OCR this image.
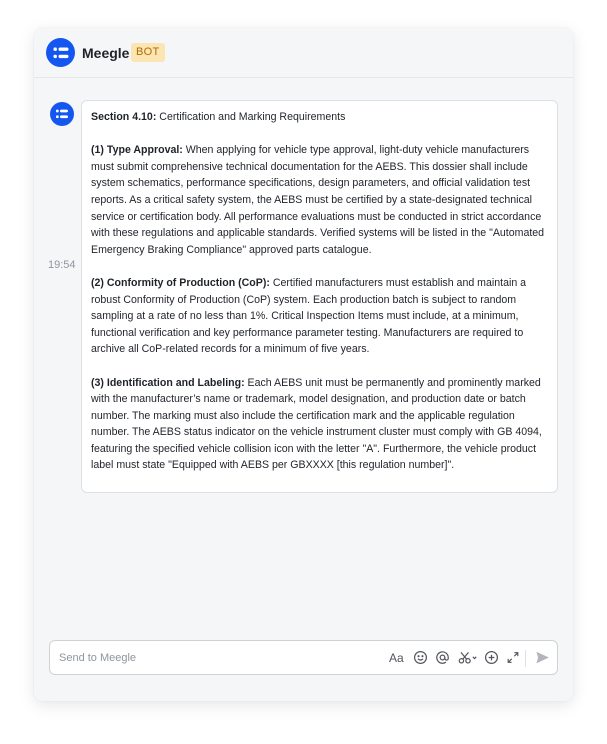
Meegle BOT
19:54

Section 4.10: Certification and Marking Requirements

(1) Type Approval: When applying for vehicle type approval, light-duty vehicle manufacturers must submit comprehensive technical documentation for the AEBS. This dossier shall include system schematics, performance specifications, design parameters, and official validation test reports. As a critical safety system, the AEBS must be certified by a state-designated technical service or certification body. All performance evaluations must be conducted in strict accordance with these regulations and applicable standards. Verified systems will be listed in the "Automated Emergency Braking Compliance" approved parts catalogue.

(2) Conformity of Production (CoP): Certified manufacturers must establish and maintain a robust Conformity of Production (CoP) system. Each production batch is subject to random sampling at a rate of no less than 1%. Critical Inspection Items must include, at a minimum, functional verification and key performance parameter testing. Manufacturers are required to archive all CoP-related records for a minimum of five years.

(3) Identification and Labeling: Each AEBS unit must be permanently and prominently marked with the manufacturer’s name or trademark, model designation, and production date or batch number. The marking must also include the certification mark and the applicable regulation number. The AEBS status indicator on the vehicle instrument cluster must comply with GB 4094, featuring the specified vehicle collision icon with the letter "A". Furthermore, the vehicle product label must state "Equipped with AEBS per GBXXXX [this regulation number]".

Send to Meegle
Aa
